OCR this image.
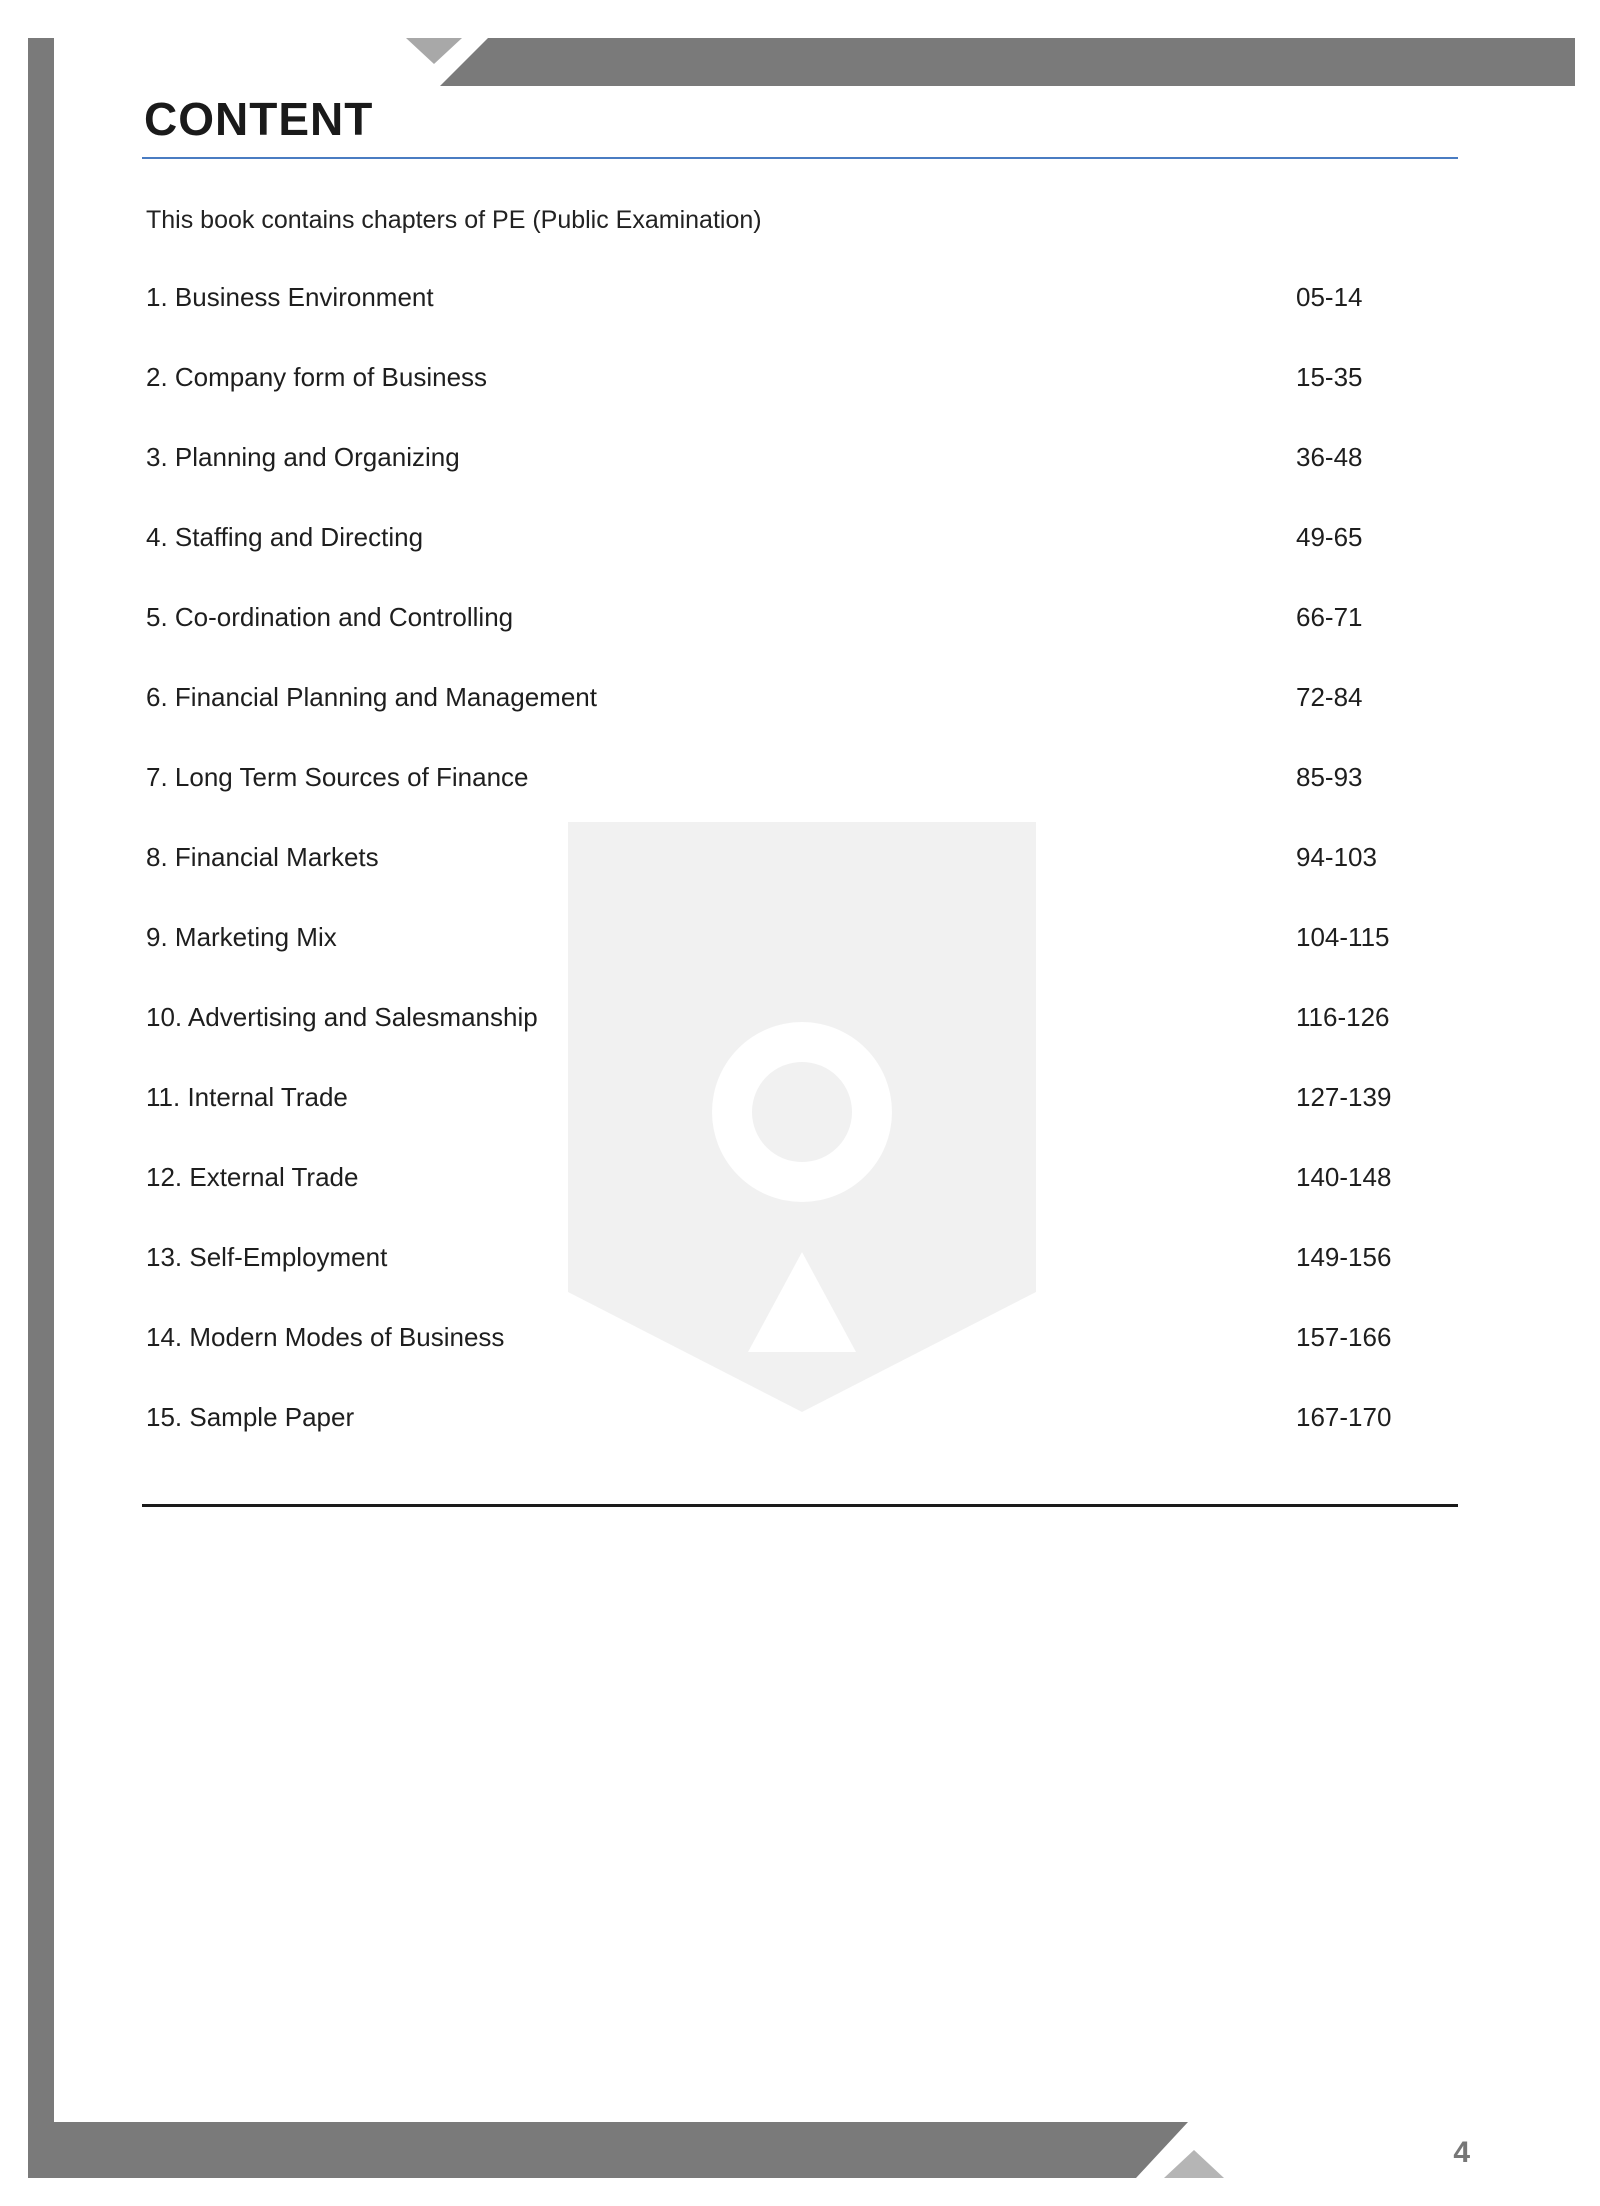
CONTENT
This book contains chapters of PE (Public Examination)
1. Business Environment	05-14
2. Company form of Business	15-35
3. Planning and Organizing	36-48
4. Staffing and Directing	49-65
5. Co-ordination and Controlling	66-71
6. Financial Planning and Management	72-84
7. Long Term Sources of Finance	85-93
8. Financial Markets	94-103
9. Marketing Mix	104-115
10. Advertising and Salesmanship	116-126
11. Internal Trade	127-139
12. External Trade	140-148
13. Self-Employment	149-156
14. Modern Modes of Business	157-166
15. Sample Paper	167-170
4
